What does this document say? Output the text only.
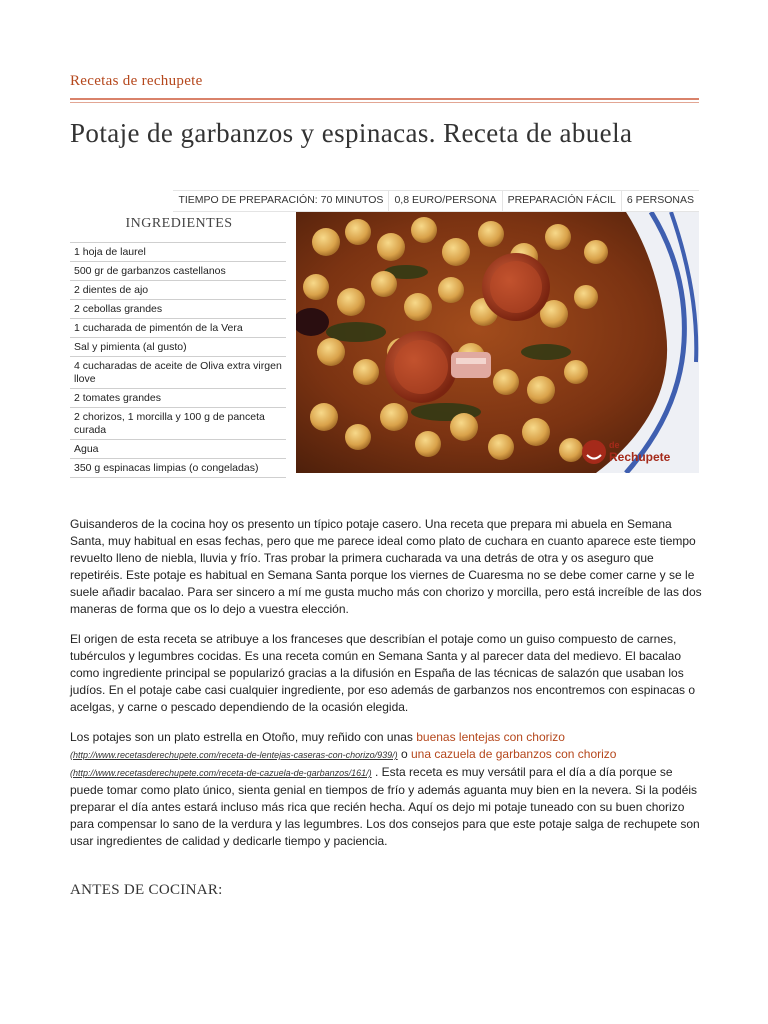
Recetas de rechupete
Potaje de garbanzos y espinacas. Receta de abuela
TIEMPO DE PREPARACIÓN: 70 MINUTOS	0,8 EURO/PERSONA	PREPARACIÓN FÁCIL	6 PERSONAS
INGREDIENTES
1 hoja de laurel
500 gr de garbanzos castellanos
2 dientes de ajo
2 cebollas grandes
1 cucharada de pimentón de la Vera
Sal y pimienta (al gusto)
4 cucharadas de aceite de Oliva extra virgen llove
2 tomates grandes
2 chorizos, 1 morcilla y 100 g de panceta curada
Agua
350 g espinacas limpias (o congeladas)
de
Rechupete

Guisanderos de la cocina hoy os presento un típico potaje casero. Una receta que prepara mi abuela en Semana Santa, muy habitual en esas fechas, pero que me parece ideal como plato de cuchara en cuanto aparece este tiempo revuelto lleno de niebla, lluvia y frío. Tras probar la primera cucharada va una detrás de otra y os aseguro que repetiréis. Este potaje es habitual en Semana Santa porque los viernes de Cuaresma no se debe comer carne y se le suele añadir bacalao. Para ser sincero a mí me gusta mucho más con chorizo y morcilla, pero está increíble de las dos maneras de forma que os lo dejo a vuestra elección.

El origen de esta receta se atribuye a los franceses que describían el potaje como un guiso compuesto de carnes, tubérculos y legumbres cocidas. Es una receta común en Semana Santa y al parecer data del medievo. El bacalao como ingrediente principal se popularizó gracias a la difusión en España de las técnicas de salazón que usaban los judíos. En el potaje cabe casi cualquier ingrediente, por eso además de garbanzos nos encontremos con espinacas o acelgas, y carne o pescado dependiendo de la ocasión elegida.

Los potajes son un plato estrella en Otoño, muy reñido con unas buenas lentejas con chorizo
(http://www.recetasderechupete.com/receta-de-lentejas-caseras-con-chorizo/939/) o una cazuela de garbanzos con chorizo
(http://www.recetasderechupete.com/receta-de-cazuela-de-garbanzos/161/) . Esta receta es muy versátil para el día a día porque se puede tomar como plato único, sienta genial en tiempos de frío y además aguanta muy bien en la nevera. Si la podéis preparar el día antes estará incluso más rica que recién hecha. Aquí os dejo mi potaje tuneado con su buen chorizo para compensar lo sano de la verdura y las legumbres. Los dos consejos para que este potaje salga de rechupete son usar ingredientes de calidad y dedicarle tiempo y paciencia.

ANTES DE COCINAR:
